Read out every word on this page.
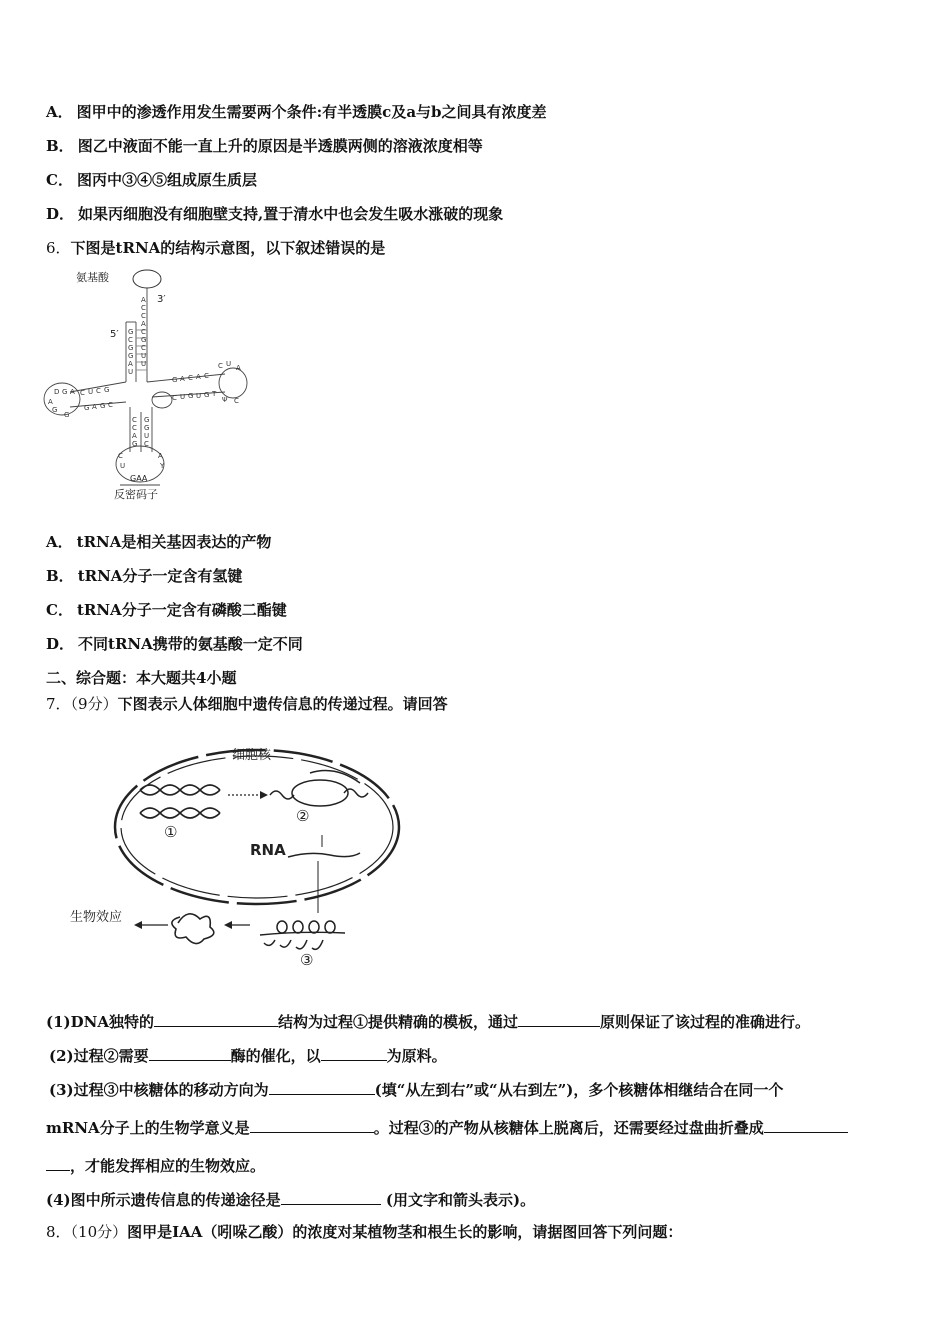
A． 图甲中的渗透作用发生需要两个条件:有半透膜c及a与b之间具有浓度差
B． 图乙中液面不能一直上升的原因是半透膜两侧的溶液浓度相等
C． 图丙中③④⑤组成原生质层
D． 如果丙细胞没有细胞壁支持,置于清水中也会发生吸水涨破的现象
6．下图是tRNA的结构示意图，以下叙述错误的是
氨基酸
3′
5′
A
C
C
A
C
G
C
U
U
G
C
G
G
A
U
D G A C U C G
G A G C
A
G
G
G A C A C
C U A
C U G U G T
Ψ C
C
C
A
G
G
G
U
C
C
U
A
Y
GAA
反密码子
A． tRNA是相关基因表达的产物
B． tRNA分子一定含有氢键
C． tRNA分子一定含有磷酸二酯键
D． 不同tRNA携带的氨基酸一定不同
二、综合题：本大题共4小题
7．（9分）下图表示人体细胞中遗传信息的传递过程。请回答
细胞核
①
②
RNA
③
生物效应
(1)DNA独特的	结构为过程①提供精确的模板，通过	原则保证了该过程的准确进行。
(2)过程②需要	酶的催化，以	为原料。
(3)过程③中核糖体的移动方向为	(填“从左到右”或“从右到左”)，多个核糖体相继结合在同一个
mRNA分子上的生物学意义是	。过程③的产物从核糖体上脱离后，还需要经过盘曲折叠成
，才能发挥相应的生物效应。
(4)图中所示遗传信息的传递途径是	(用文字和箭头表示)。
8．（10分）图甲是IAA（吲哚乙酸）的浓度对某植物茎和根生长的影响，请据图回答下列问题：
